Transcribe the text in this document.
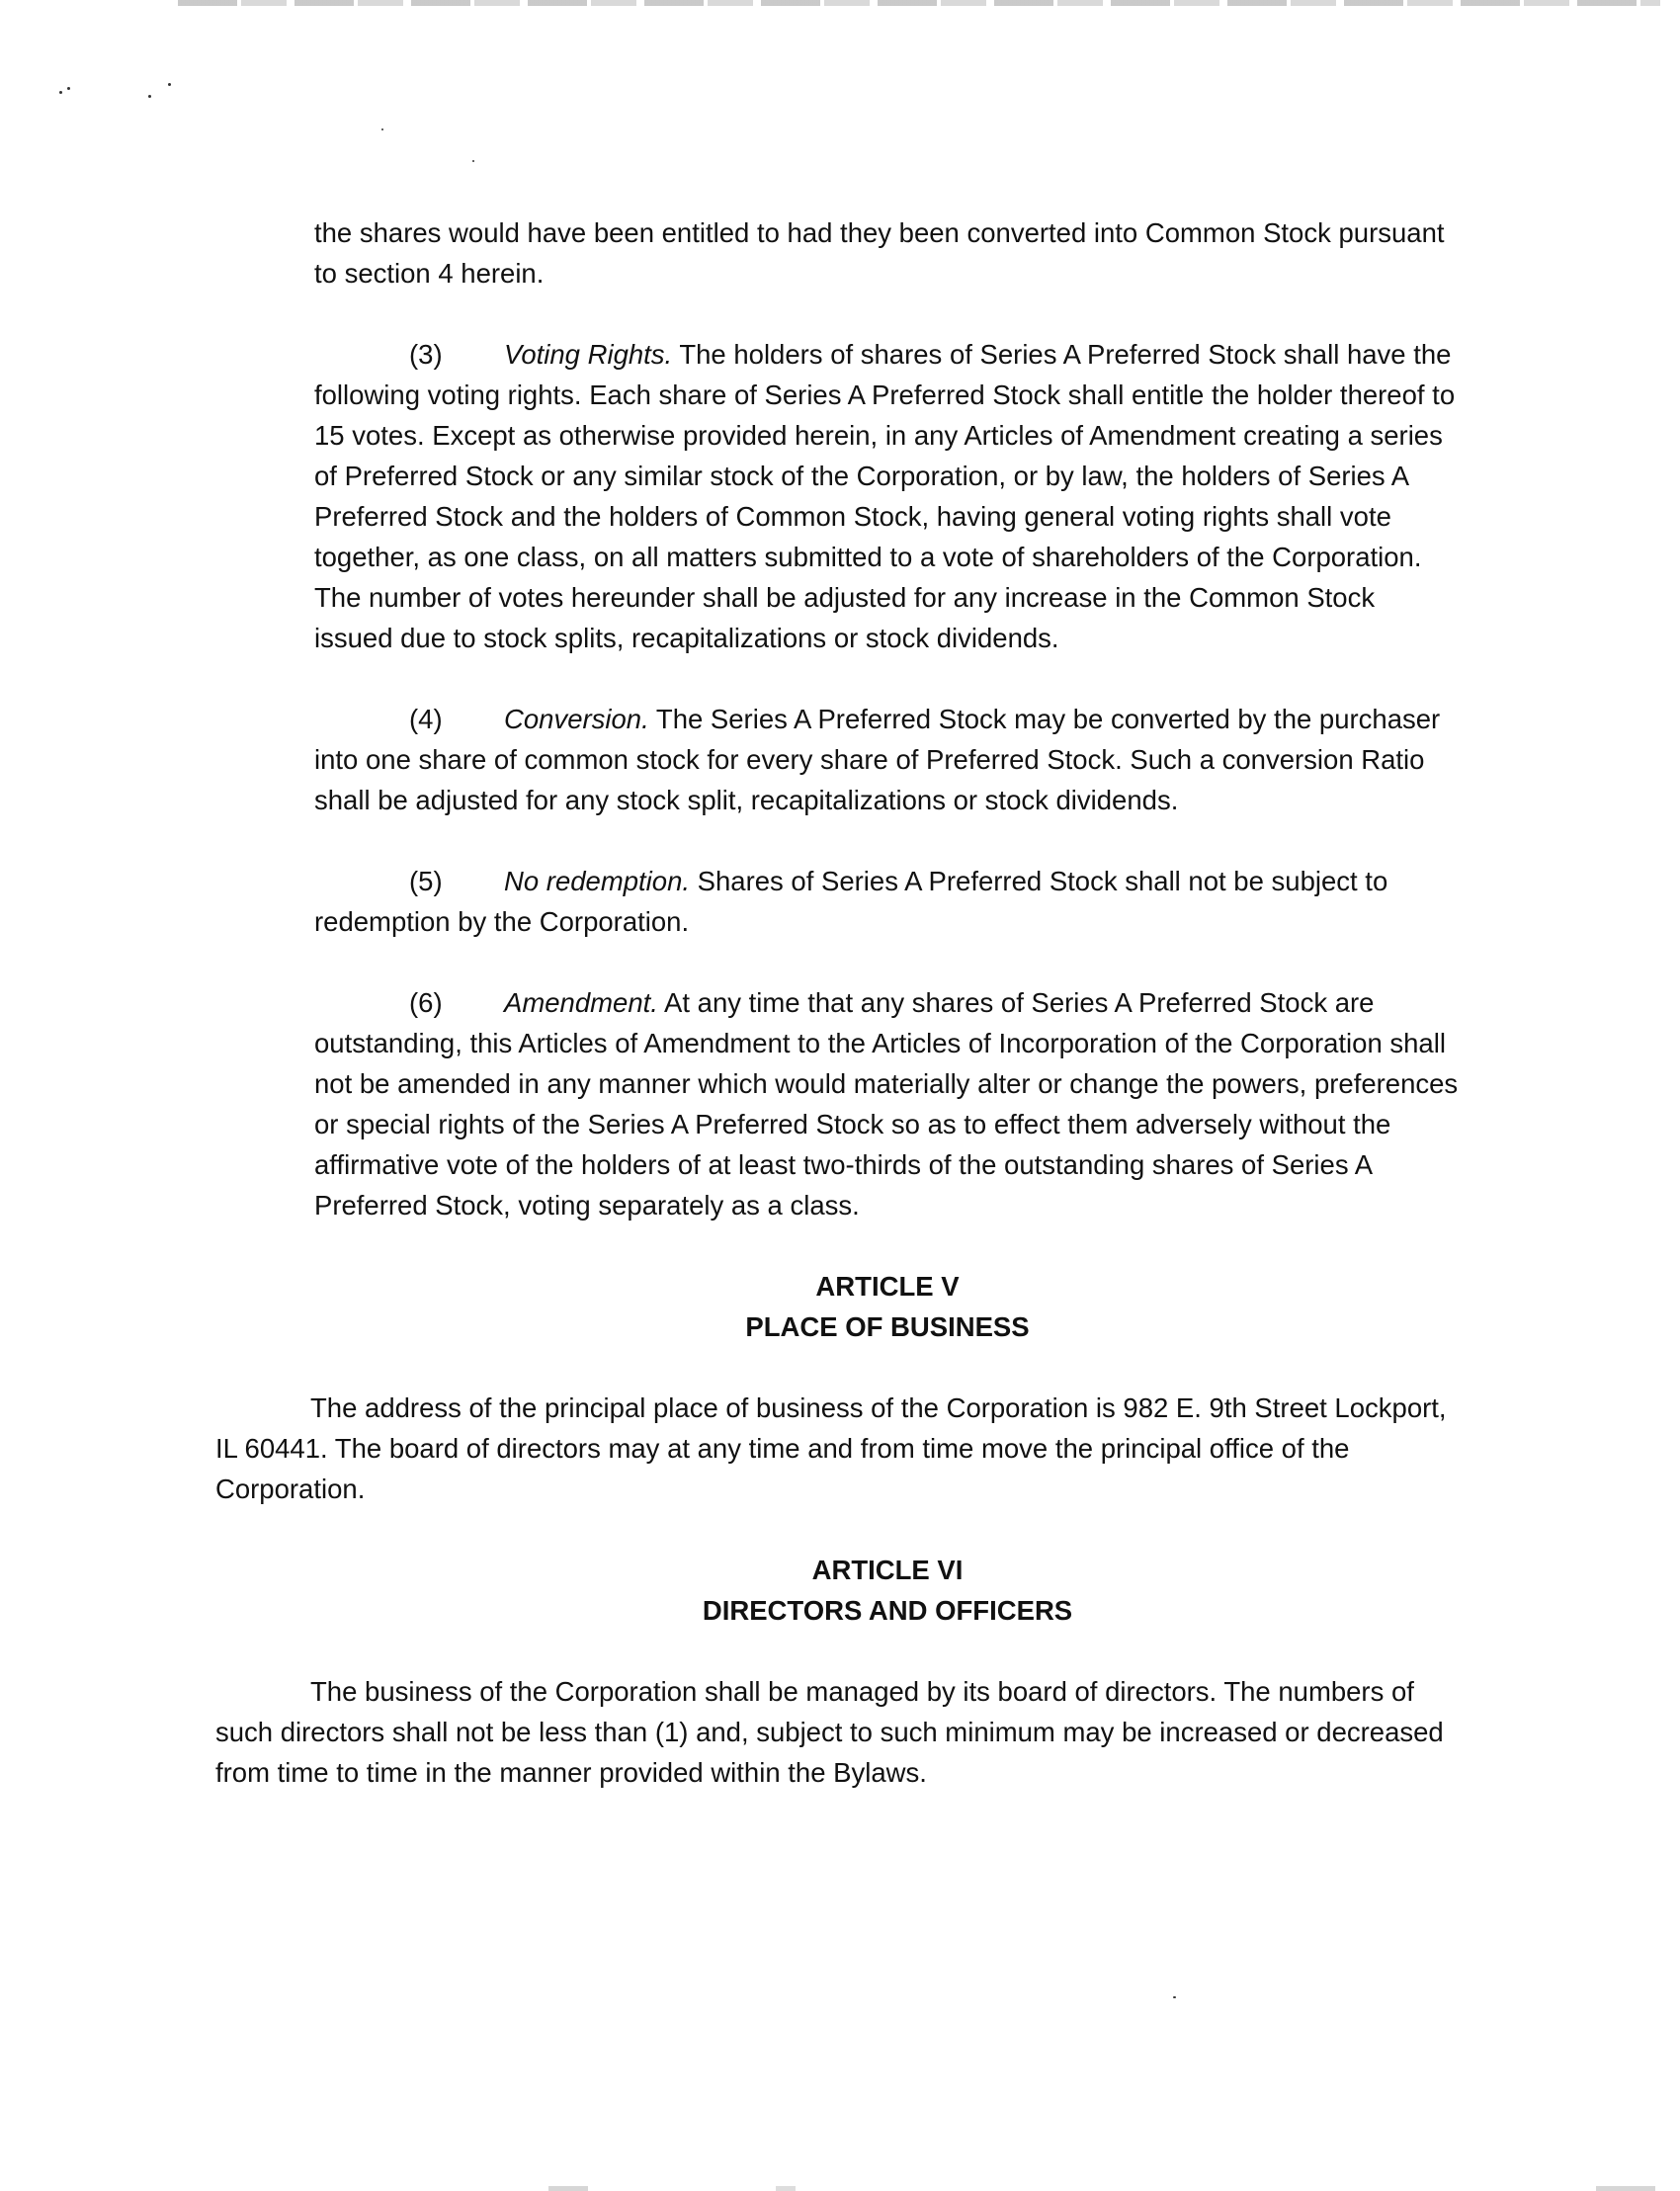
the shares would have been entitled to had they been converted into Common Stock pursuant to section 4 herein.

(3) Voting Rights. The holders of shares of Series A Preferred Stock shall have the following voting rights. Each share of Series A Preferred Stock shall entitle the holder thereof to 15 votes. Except as otherwise provided herein, in any Articles of Amendment creating a series of Preferred Stock or any similar stock of the Corporation, or by law, the holders of Series A Preferred Stock and the holders of Common Stock, having general voting rights shall vote together, as one class, on all matters submitted to a vote of shareholders of the Corporation. The number of votes hereunder shall be adjusted for any increase in the Common Stock issued due to stock splits, recapitalizations or stock dividends.

(4) Conversion. The Series A Preferred Stock may be converted by the purchaser into one share of common stock for every share of Preferred Stock. Such a conversion Ratio shall be adjusted for any stock split, recapitalizations or stock dividends.

(5) No redemption. Shares of Series A Preferred Stock shall not be subject to redemption by the Corporation.

(6) Amendment. At any time that any shares of Series A Preferred Stock are outstanding, this Articles of Amendment to the Articles of Incorporation of the Corporation shall not be amended in any manner which would materially alter or change the powers, preferences or special rights of the Series A Preferred Stock so as to effect them adversely without the affirmative vote of the holders of at least two-thirds of the outstanding shares of Series A Preferred Stock, voting separately as a class.

ARTICLE V
PLACE OF BUSINESS

The address of the principal place of business of the Corporation is 982 E. 9th Street Lockport, IL 60441. The board of directors may at any time and from time move the principal office of the Corporation.

ARTICLE VI
DIRECTORS AND OFFICERS

The business of the Corporation shall be managed by its board of directors. The numbers of such directors shall not be less than (1) and, subject to such minimum may be increased or decreased from time to time in the manner provided within the Bylaws.
